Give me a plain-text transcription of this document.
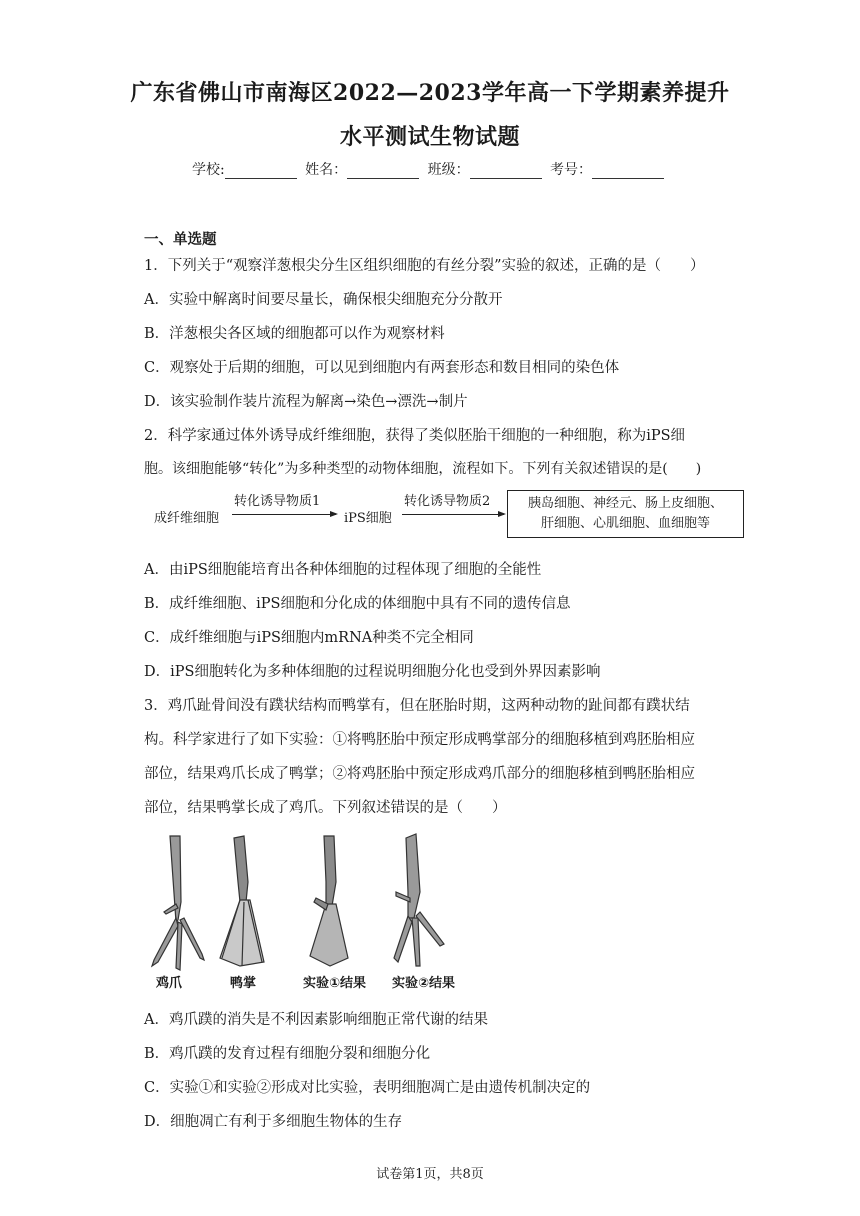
广东省佛山市南海区2022—2023学年高一下学期素养提升
水平测试生物试题
学校:	姓名：	班级：	考号：
一、单选题
1．下列关于“观察洋葱根尖分生区组织细胞的有丝分裂”实验的叙述，正确的是（　　）
A．实验中解离时间要尽量长，确保根尖细胞充分分散开
B．洋葱根尖各区域的细胞都可以作为观察材料
C．观察处于后期的细胞，可以见到细胞内有两套形态和数目相同的染色体
D．该实验制作装片流程为解离→染色→漂洗→制片
2．科学家通过体外诱导成纤维细胞，获得了类似胚胎干细胞的一种细胞，称为iPS细
胞。该细胞能够“转化”为多种类型的动物体细胞，流程如下。下列有关叙述错误的是(　　)
成纤维细胞
转化诱导物质1
iPS细胞
转化诱导物质2	胰岛细胞、神经元、肠上皮细胞、
肝细胞、心肌细胞、血细胞等
A．由iPS细胞能培育出各种体细胞的过程体现了细胞的全能性
B．成纤维细胞、iPS细胞和分化成的体细胞中具有不同的遗传信息
C．成纤维细胞与iPS细胞内mRNA种类不完全相同
D．iPS细胞转化为多种体细胞的过程说明细胞分化也受到外界因素影响
3．鸡爪趾骨间没有蹼状结构而鸭掌有，但在胚胎时期，这两种动物的趾间都有蹼状结
构。科学家进行了如下实验：①将鸭胚胎中预定形成鸭掌部分的细胞移植到鸡胚胎相应
部位，结果鸡爪长成了鸭掌；②将鸡胚胎中预定形成鸡爪部分的细胞移植到鸭胚胎相应
部位，结果鸭掌长成了鸡爪。下列叙述错误的是（　　）
鸡爪	鸭掌	实验①结果 实验②结果
A．鸡爪蹼的消失是不利因素影响细胞正常代谢的结果
B．鸡爪蹼的发育过程有细胞分裂和细胞分化
C．实验①和实验②形成对比实验，表明细胞凋亡是由遗传机制决定的
D．细胞凋亡有利于多细胞生物体的生存
试卷第1页，共8页
